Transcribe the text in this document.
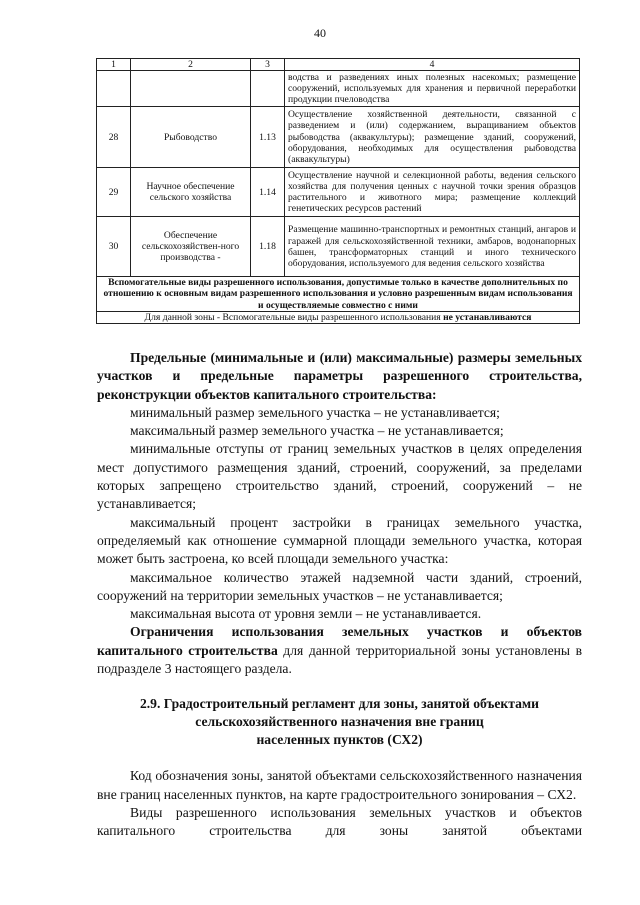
40
1	2	3	4
			водства и разведениях иных полезных насекомых; размещение сооружений, используемых для хранения и первичной переработки продукции пчеловодства
28	Рыбоводство	1.13	Осуществление хозяйственной деятельности, связанной с разведением и (или) содержанием, выращиванием объектов рыбоводства (аквакультуры); размещение зданий, сооружений, оборудования, необходимых для осуществления рыбоводства (аквакультуры)
29	Научное обеспечение сельского хозяйства	1.14	Осуществление научной и селекционной работы, ведения сельского хозяйства для получения ценных с научной точки зрения образцов растительного и животного мира; размещение коллекций генетических ресурсов растений
30	Обеспечение сельскохозяйствен-ного производства -	1.18	Размещение машинно-транспортных и ремонтных станций, ангаров и гаражей для сельскохозяйственной техники, амбаров, водонапорных башен, трансформаторных станций и иного технического оборудования, используемого для ведения сельского хозяйства
Вспомогательные виды разрешенного использования, допустимые только в качестве дополнительных по отношению к основным видам разрешенного использования и условно разрешенным видам использования и осуществляемые совместно с ними			
Для данной зоны - Вспомогательные виды разрешенного использования не устанавливаются			

Предельные (минимальные и (или) максимальные) размеры земельных участков и предельные параметры разрешенного строительства, реконструкции объектов капитального строительства:

минимальный размер земельного участка – не устанавливается;

максимальный размер земельного участка – не устанавливается;

минимальные отступы от границ земельных участков в целях определения мест допустимого размещения зданий, строений, сооружений, за пределами которых запрещено строительство зданий, строений, сооружений – не устанавливается;

максимальный процент застройки в границах земельного участка, определяемый как отношение суммарной площади земельного участка, которая может быть застроена, ко всей площади земельного участка:

максимальное количество этажей надземной части зданий, строений, сооружений на территории земельных участков – не устанавливается;

максимальная высота от уровня земли – не устанавливается.

Ограничения использования земельных участков и объектов капитального строительства для данной территориальной зоны установлены в подразделе 3 настоящего раздела.

2.9. Градостроительный регламент для зоны, занятой объектами
сельскохозяйственного назначения вне границ
населенных пунктов (СХ2)

Код обозначения зоны, занятой объектами сельскохозяйственного назначения вне границ населенных пунктов, на карте градостроительного зонирования – СХ2.

Виды разрешенного использования земельных участков и объектов капитального строительства для зоны занятой объектами
